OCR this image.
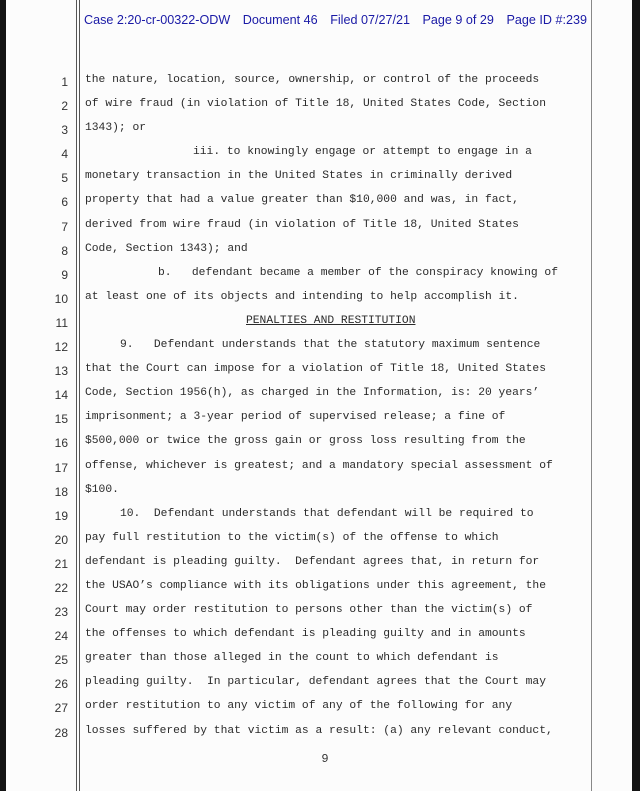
Case 2:20-cr-00322-ODW Document 46 Filed 07/27/21 Page 9 of 29 Page ID #:239
1 the nature, location, source, ownership, or control of the proceeds
2 of wire fraud (in violation of Title 18, United States Code, Section
3 1343); or
4	iii. to knowingly engage or attempt to engage in a
5 monetary transaction in the United States in criminally derived
6 property that had a value greater than $10,000 and was, in fact,
7 derived from wire fraud (in violation of Title 18, United States
8 Code, Section 1343); and
9	b.   defendant became a member of the conspiracy knowing of
10 at least one of its objects and intending to help accomplish it.
11	PENALTIES AND RESTITUTION
12	9.   Defendant understands that the statutory maximum sentence
13 that the Court can impose for a violation of Title 18, United States
14 Code, Section 1956(h), as charged in the Information, is: 20 years’
15 imprisonment; a 3-year period of supervised release; a fine of
16 $500,000 or twice the gross gain or gross loss resulting from the
17 offense, whichever is greatest; and a mandatory special assessment of
18 $100.
19	10.  Defendant understands that defendant will be required to
20 pay full restitution to the victim(s) of the offense to which
21 defendant is pleading guilty.  Defendant agrees that, in return for
22 the USAO’s compliance with its obligations under this agreement, the
23 Court may order restitution to persons other than the victim(s) of
24 the offenses to which defendant is pleading guilty and in amounts
25 greater than those alleged in the count to which defendant is
26 pleading guilty.  In particular, defendant agrees that the Court may
27 order restitution to any victim of any of the following for any
28 losses suffered by that victim as a result: (a) any relevant conduct,
9
